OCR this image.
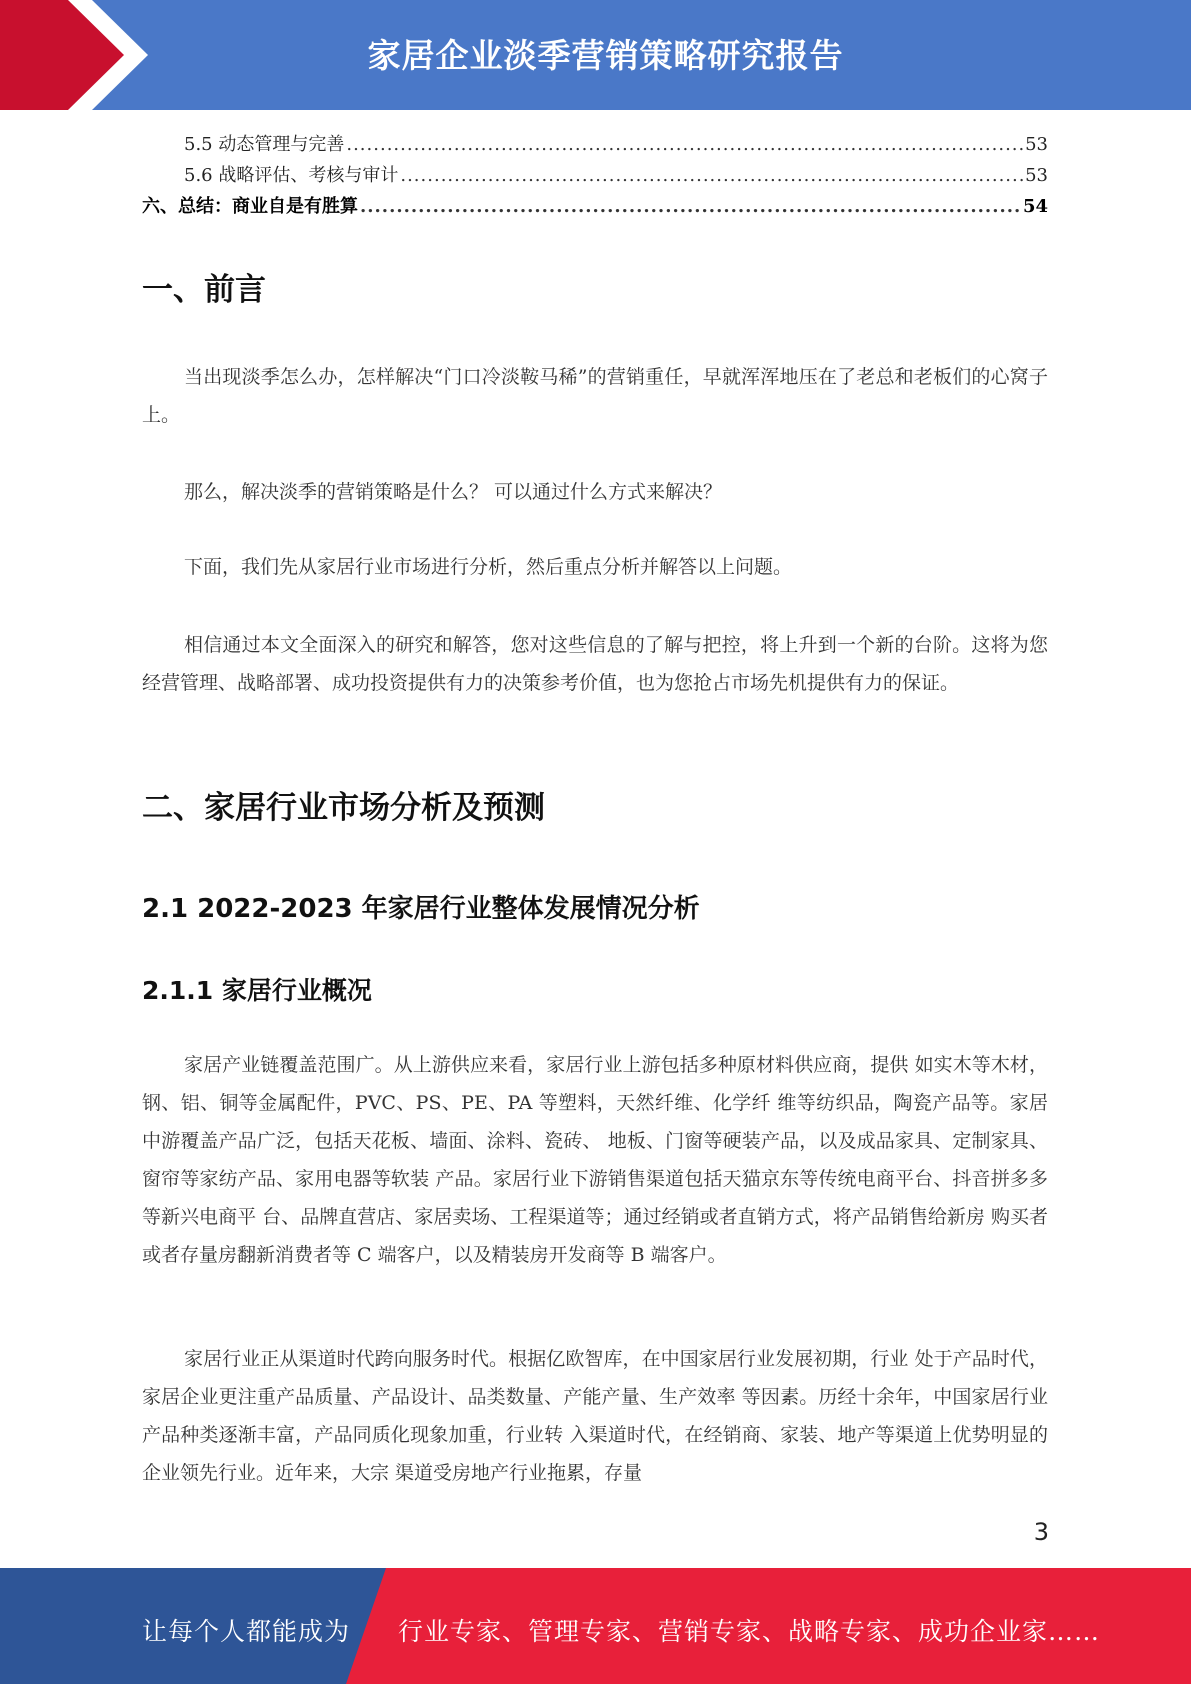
家居企业淡季营销策略研究报告
5.5 动态管理与完善 .....	53
5.6 战略评估、考核与审计 .....	53
六、总结：商业自是有胜算 .....	54
一、前言

当出现淡季怎么办，怎样解决“门口冷淡鞍马稀”的营销重任，早就浑浑地压在了老总和老板们的心窝子上。

那么，解决淡季的营销策略是什么？ 可以通过什么方式来解决？

下面，我们先从家居行业市场进行分析，然后重点分析并解答以上问题。

相信通过本文全面深入的研究和解答，您对这些信息的了解与把控，将上升到一个新的台阶。这将为您经营管理、战略部署、成功投资提供有力的决策参考价值，也为您抢占市场先机提供有力的保证。

二、家居行业市场分析及预测
2.1 2022-2023 年家居行业整体发展情况分析
2.1.1 家居行业概况

家居产业链覆盖范围广。从上游供应来看，家居行业上游包括多种原材料供应商，提供 如实木等木材，钢、铝、铜等金属配件，PVC、PS、PE、PA 等塑料，天然纤维、化学纤 维等纺织品，陶瓷产品等。家居中游覆盖产品广泛，包括天花板、墙面、涂料、瓷砖、 地板、门窗等硬装产品，以及成品家具、定制家具、窗帘等家纺产品、家用电器等软装 产品。家居行业下游销售渠道包括天猫京东等传统电商平台、抖音拼多多等新兴电商平 台、品牌直营店、家居卖场、工程渠道等；通过经销或者直销方式，将产品销售给新房 购买者或者存量房翻新消费者等 C 端客户，以及精装房开发商等 B 端客户。

家居行业正从渠道时代跨向服务时代。根据亿欧智库，在中国家居行业发展初期，行业 处于产品时代，家居企业更注重产品质量、产品设计、品类数量、产能产量、生产效率 等因素。历经十余年，中国家居行业产品种类逐渐丰富，产品同质化现象加重，行业转 入渠道时代，在经销商、家装、地产等渠道上优势明显的企业领先行业。近年来，大宗 渠道受房地产行业拖累，存量

3
让每个人都能成为 行业专家、管理专家、营销专家、战略专家、成功企业家……
